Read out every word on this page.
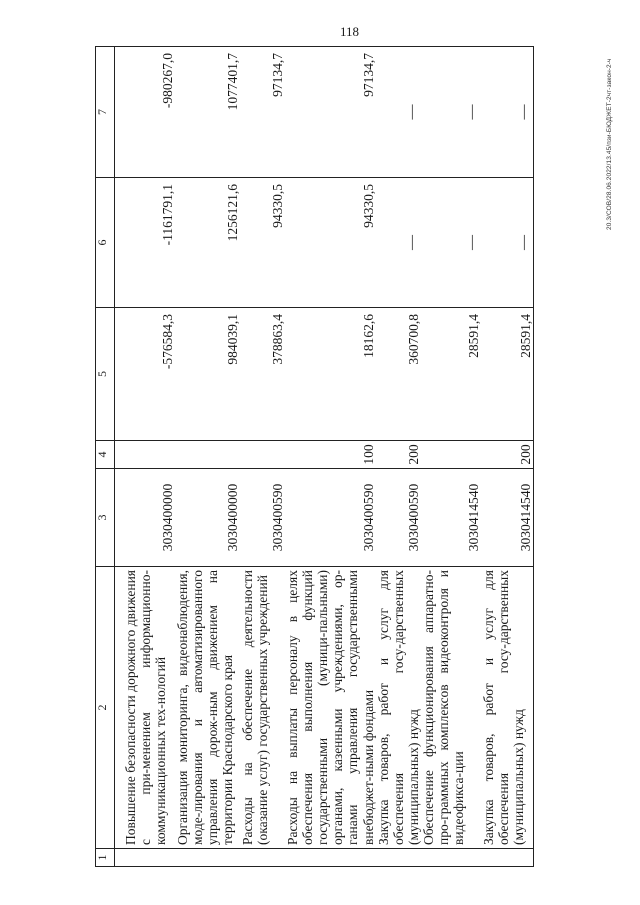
118
20.3/СОВ/28.06.2022/13.45/пзи-БЮДЖЕТ-2чт-закон-2-ч
1	2	3	4	5	6	7
	Повышение безопасности дорожного движения с при-менением информационно-коммуникационных тех-нологий	3030400000		-576584,3	-1161791,1	-980267,0
	Организация мониторинга, видеонаблюдения, моде-лирования и автоматизированного управления дорож-ным движением на территории Краснодарского края	3030400000		984039,1	1256121,6	1077401,7
	Расходы на обеспечение деятельности (оказание услуг) государственных учреждений	3030400590		378863,4	94330,5	97134,7
	Расходы на выплаты персоналу в целях обеспечения выполнения функций государственными (муници-пальными) органами, казенными учреждениями, ор-ганами управления государственными внебюджет-ными фондами	3030400590	100	18162,6	94330,5	97134,7
	Закупка товаров, работ и услуг для обеспечения госу-дарственных (муниципальных) нужд	3030400590	200	360700,8	—	—
	Обеспечение функционирования аппаратно-про-граммных комплексов видеоконтроля и видеофикса-ции	3030414540		28591,4	—	—
	Закупка товаров, работ и услуг для обеспечения госу-дарственных (муниципальных) нужд	3030414540	200	28591,4	—	—
